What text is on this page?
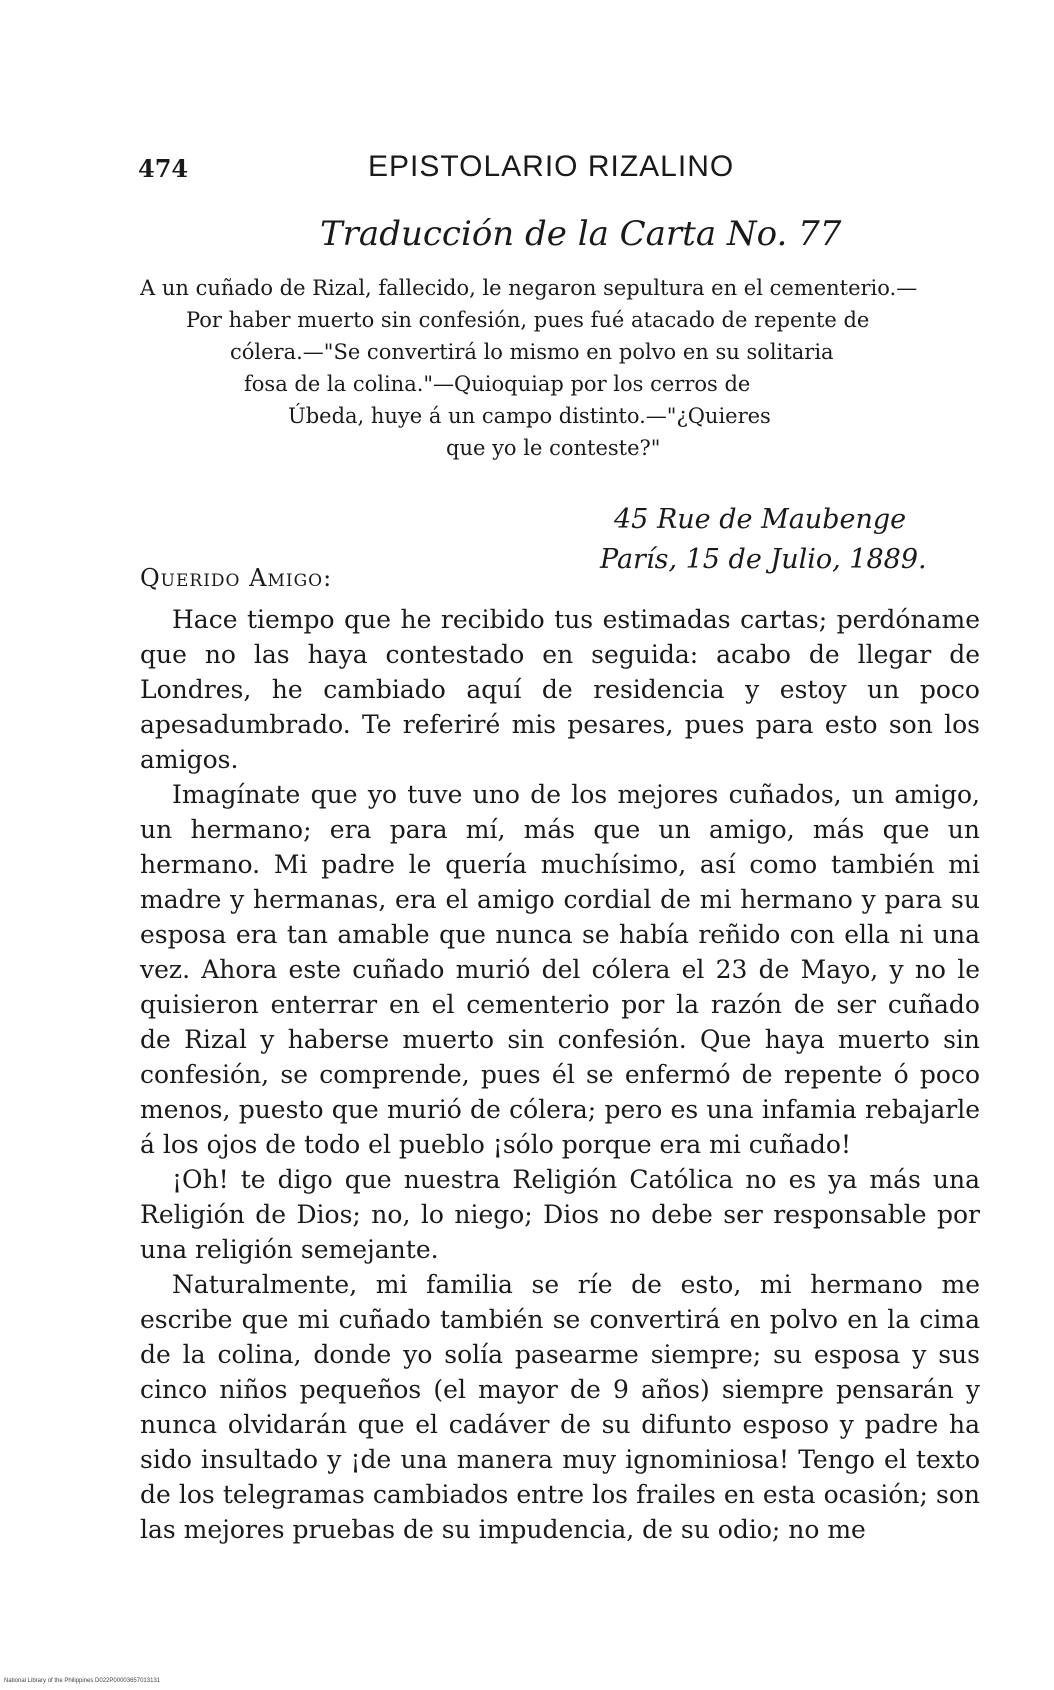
474	EPISTOLARIO RIZALINO
Traducción de la Carta No. 77
A un cuñado de Rizal, fallecido, le negaron sepultura en el cementerio.—
Por haber muerto sin confesión, pues fué atacado de repente de
cólera.—"Se convertirá lo mismo en polvo en su solitaria
fosa de la colina."—Quioquiap por los cerros de
Úbeda, huye á un campo distinto.—"¿Quieres
que yo le conteste?"
45 Rue de Maubenge
París, 15 de Julio, 1889.
Querido Amigo:

Hace tiempo que he recibido tus estimadas cartas; perdóname que no las haya contestado en seguida: acabo de llegar de Londres, he cambiado aquí de residencia y estoy un poco apesadumbrado. Te referiré mis pesares, pues para esto son los amigos.

Imagínate que yo tuve uno de los mejores cuñados, un amigo, un hermano; era para mí, más que un amigo, más que un hermano. Mi padre le quería muchísimo, así como también mi madre y hermanas, era el amigo cordial de mi hermano y para su esposa era tan amable que nunca se había reñido con ella ni una vez. Ahora este cuñado murió del cólera el 23 de Mayo, y no le quisieron enterrar en el cementerio por la razón de ser cuñado de Rizal y haberse muerto sin confesión. Que haya muerto sin confesión, se comprende, pues él se enfermó de repente ó poco menos, puesto que murió de cólera; pero es una infamia rebajarle á los ojos de todo el pueblo ¡sólo porque era mi cuñado!

¡Oh! te digo que nuestra Religión Católica no es ya más una Religión de Dios; no, lo niego; Dios no debe ser responsable por una religión semejante.

Naturalmente, mi familia se ríe de esto, mi hermano me escribe que mi cuñado también se convertirá en polvo en la cima de la colina, donde yo solía pasearme siempre; su esposa y sus cinco niños pequeños (el mayor de 9 años) siempre pensarán y nunca olvidarán que el cadáver de su difunto esposo y padre ha sido insultado y ¡de una manera muy ignominiosa! Tengo el texto de los telegramas cambiados entre los frailes en esta ocasión; son las mejores pruebas de su impudencia, de su odio; no me

National Library of the Philippines D022P00003657013131
